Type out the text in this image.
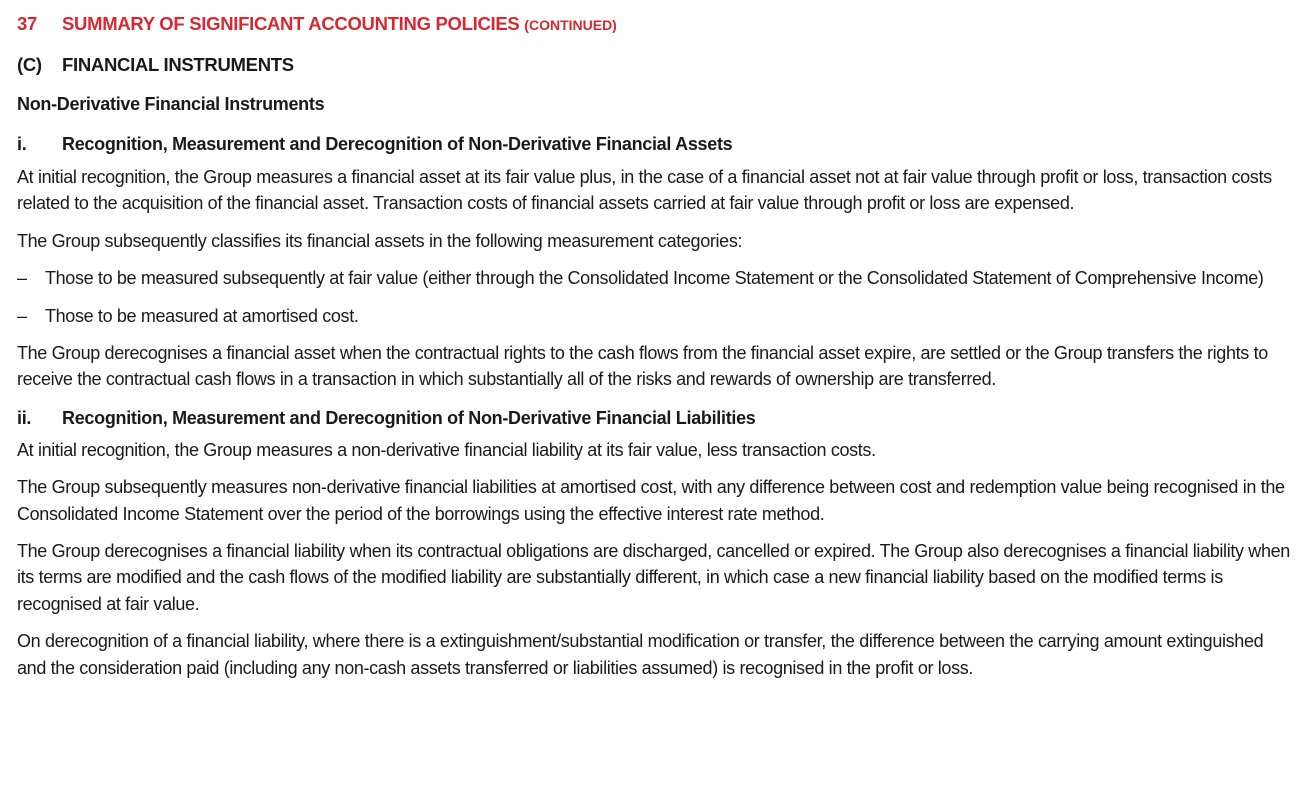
37 SUMMARY OF SIGNIFICANT ACCOUNTING POLICIES (CONTINUED)
(C) FINANCIAL INSTRUMENTS
Non-Derivative Financial Instruments
i. Recognition, Measurement and Derecognition of Non-Derivative Financial Assets

At initial recognition, the Group measures a financial asset at its fair value plus, in the case of a financial asset not at fair value through profit or loss, transaction costs related to the acquisition of the financial asset. Transaction costs of financial assets carried at fair value through profit or loss are expensed.

The Group subsequently classifies its financial assets in the following measurement categories:

–	Those to be measured subsequently at fair value (either through the Consolidated Income Statement or the Consolidated Statement of Comprehensive Income)
–	Those to be measured at amortised cost.

The Group derecognises a financial asset when the contractual rights to the cash flows from the financial asset expire, are settled or the Group transfers the rights to receive the contractual cash flows in a transaction in which substantially all of the risks and rewards of ownership are transferred.

ii. Recognition, Measurement and Derecognition of Non-Derivative Financial Liabilities

At initial recognition, the Group measures a non-derivative financial liability at its fair value, less transaction costs.

The Group subsequently measures non-derivative financial liabilities at amortised cost, with any difference between cost and redemption value being recognised in the Consolidated Income Statement over the period of the borrowings using the effective interest rate method.

The Group derecognises a financial liability when its contractual obligations are discharged, cancelled or expired. The Group also derecognises a financial liability when its terms are modified and the cash flows of the modified liability are substantially different, in which case a new financial liability based on the modified terms is recognised at fair value.

On derecognition of a financial liability, where there is a extinguishment/substantial modification or transfer, the difference between the carrying amount extinguished and the consideration paid (including any non-cash assets transferred or liabilities assumed) is recognised in the profit or loss.
